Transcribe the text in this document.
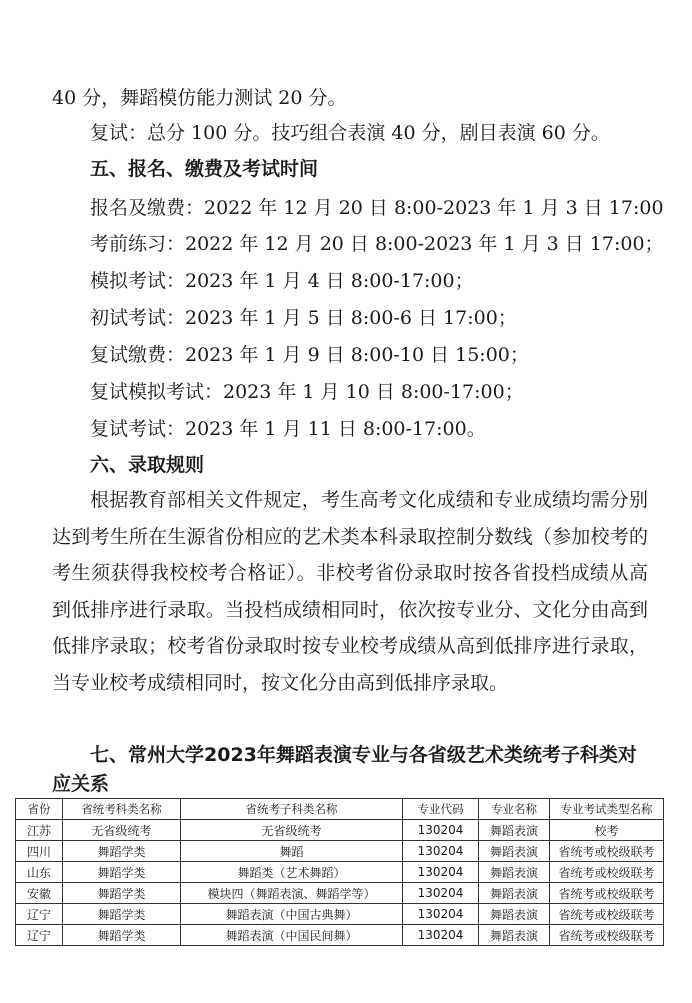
40 分，舞蹈模仿能力测试 20 分。
复试：总分 100 分。技巧组合表演 40 分，剧目表演 60 分。
五、报名、缴费及考试时间
报名及缴费：2022 年 12 月 20 日 8:00-2023 年 1 月 3 日 17:00
考前练习：2022 年 12 月 20 日 8:00-2023 年 1 月 3 日 17:00；
模拟考试：2023 年 1 月 4 日 8:00-17:00；
初试考试：2023 年 1 月 5 日 8:00-6 日 17:00；
复试缴费：2023 年 1 月 9 日 8:00-10 日 15:00；
复试模拟考试：2023 年 1 月 10 日 8:00-17:00；
复试考试：2023 年 1 月 11 日 8:00-17:00。
六、录取规则
根据教育部相关文件规定，考生高考文化成绩和专业成绩均需分别达到考生所在生源省份相应的艺术类本科录取控制分数线（参加校考的考生须获得我校校考合格证）。非校考省份录取时按各省投档成绩从高到低排序进行录取。当投档成绩相同时，依次按专业分、文化分由高到低排序录取；校考省份录取时按专业校考成绩从高到低排序进行录取，当专业校考成绩相同时，按文化分由高到低排序录取。
七、常州大学2023年舞蹈表演专业与各省级艺术类统考子科类对应关系
省份	省统考科类名称	省统考子科类名称	专业代码	专业名称	专业考试类型名称
江苏	无省级统考	无省级统考	130204	舞蹈表演	校考
四川	舞蹈学类	舞蹈	130204	舞蹈表演	省统考或校级联考
山东	舞蹈学类	舞蹈类（艺术舞蹈）	130204	舞蹈表演	省统考或校级联考
安徽	舞蹈学类	模块四（舞蹈表演、舞蹈学等）	130204	舞蹈表演	省统考或校级联考
辽宁	舞蹈学类	舞蹈表演（中国古典舞）	130204	舞蹈表演	省统考或校级联考
辽宁	舞蹈学类	舞蹈表演（中国民间舞）	130204	舞蹈表演	省统考或校级联考
